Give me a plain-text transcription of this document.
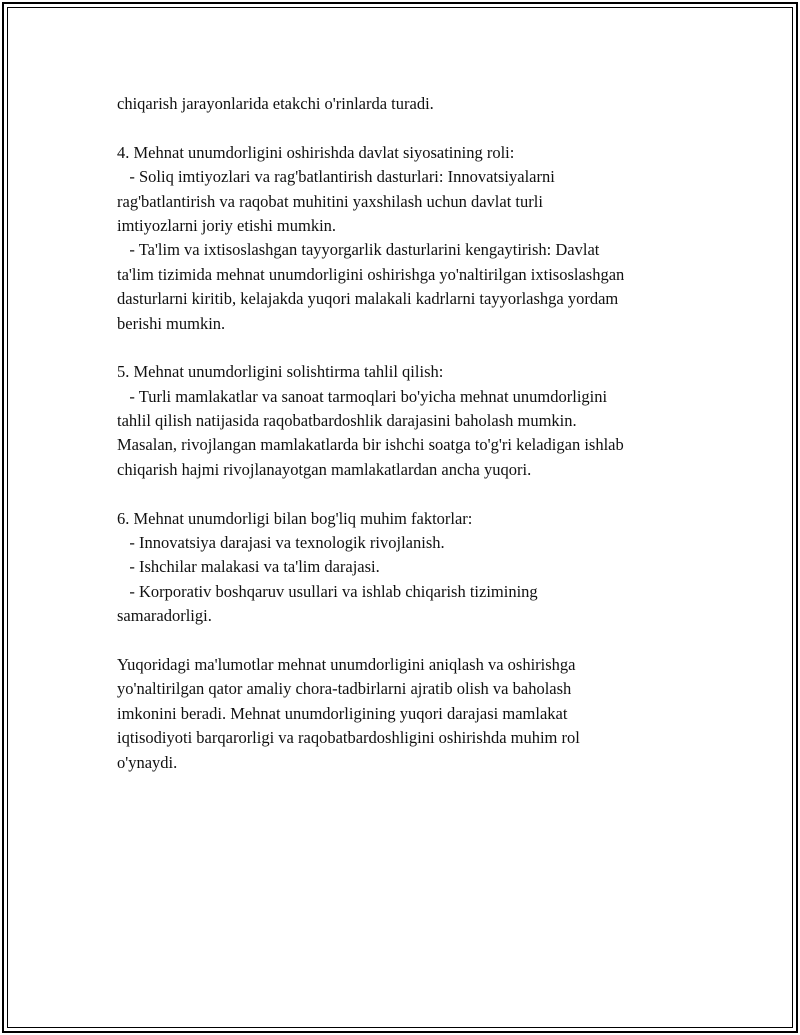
chiqarish jarayonlarida etakchi o'rinlarda turadi.
4. Mehnat unumdorligini oshirishda davlat siyosatining roli:
- Soliq imtiyozlari va rag'batlantirish dasturlari: Innovatsiyalarni
rag'batlantirish va raqobat muhitini yaxshilash uchun davlat turli
imtiyozlarni joriy etishi mumkin.
- Ta'lim va ixtisoslashgan tayyorgarlik dasturlarini kengaytirish: Davlat
ta'lim tizimida mehnat unumdorligini oshirishga yo'naltirilgan ixtisoslashgan
dasturlarni kiritib, kelajakda yuqori malakali kadrlarni tayyorlashga yordam
berishi mumkin.
5. Mehnat unumdorligini solishtirma tahlil qilish:
- Turli mamlakatlar va sanoat tarmoqlari bo'yicha mehnat unumdorligini
tahlil qilish natijasida raqobatbardoshlik darajasini baholash mumkin.
Masalan, rivojlangan mamlakatlarda bir ishchi soatga to'g'ri keladigan ishlab
chiqarish hajmi rivojlanayotgan mamlakatlardan ancha yuqori.
6. Mehnat unumdorligi bilan bog'liq muhim faktorlar:
- Innovatsiya darajasi va texnologik rivojlanish.
- Ishchilar malakasi va ta'lim darajasi.
- Korporativ boshqaruv usullari va ishlab chiqarish tizimining
samaradorligi.
Yuqoridagi ma'lumotlar mehnat unumdorligini aniqlash va oshirishga
yo'naltirilgan qator amaliy chora-tadbirlarni ajratib olish va baholash
imkonini beradi. Mehnat unumdorligining yuqori darajasi mamlakat
iqtisodiyoti barqarorligi va raqobatbardoshligini oshirishda muhim rol
o'ynaydi.
